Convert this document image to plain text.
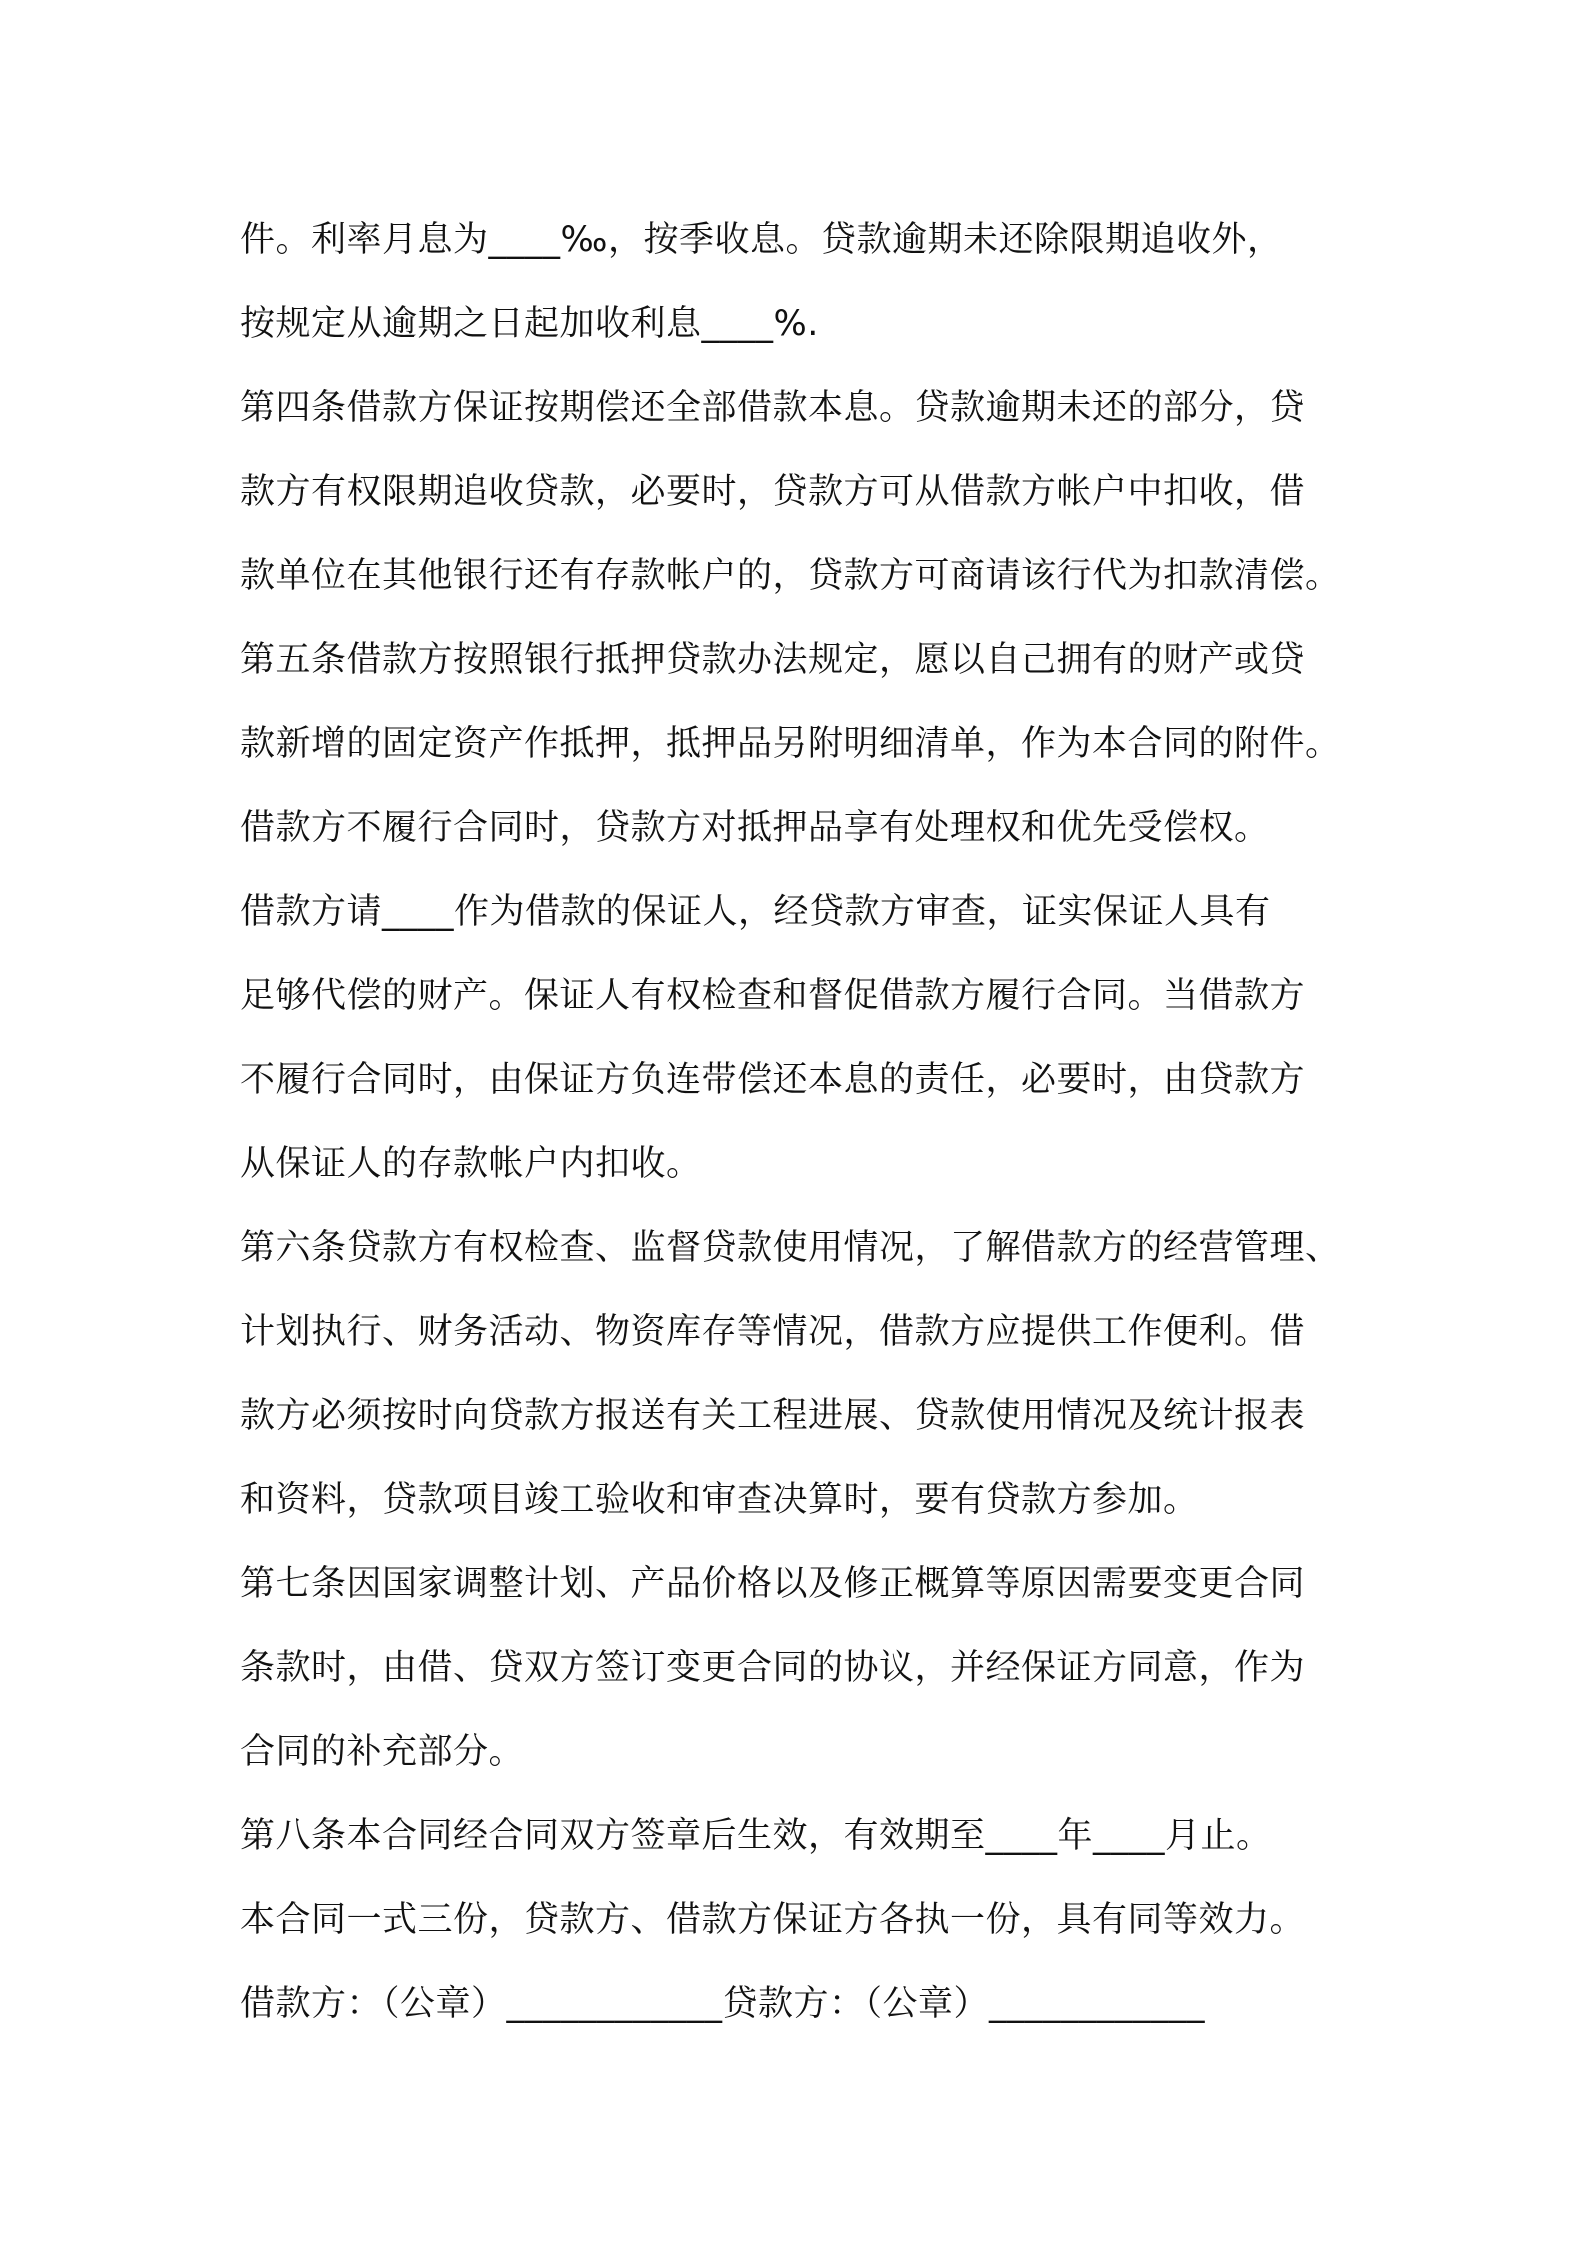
件。利率月息为____‰，按季收息。贷款逾期未还除限期追收外，
按规定从逾期之日起加收利息____%.
第四条借款方保证按期偿还全部借款本息。贷款逾期未还的部分，贷
款方有权限期追收贷款，必要时，贷款方可从借款方帐户中扣收，借
款单位在其他银行还有存款帐户的，贷款方可商请该行代为扣款清偿。
第五条借款方按照银行抵押贷款办法规定，愿以自己拥有的财产或贷
款新增的固定资产作抵押，抵押品另附明细清单，作为本合同的附件。
借款方不履行合同时，贷款方对抵押品享有处理权和优先受偿权。
借款方请____作为借款的保证人，经贷款方审查，证实保证人具有
足够代偿的财产。保证人有权检查和督促借款方履行合同。当借款方
不履行合同时，由保证方负连带偿还本息的责任，必要时，由贷款方
从保证人的存款帐户内扣收。
第六条贷款方有权检查、监督贷款使用情况，了解借款方的经营管理、
计划执行、财务活动、物资库存等情况，借款方应提供工作便利。借
款方必须按时向贷款方报送有关工程进展、贷款使用情况及统计报表
和资料，贷款项目竣工验收和审查决算时，要有贷款方参加。
第七条因国家调整计划、产品价格以及修正概算等原因需要变更合同
条款时，由借、贷双方签订变更合同的协议，并经保证方同意，作为
合同的补充部分。
第八条本合同经合同双方签章后生效，有效期至____年____月止。
本合同一式三份，贷款方、借款方保证方各执一份，具有同等效力。
借款方：（公章）____________贷款方：（公章）____________
